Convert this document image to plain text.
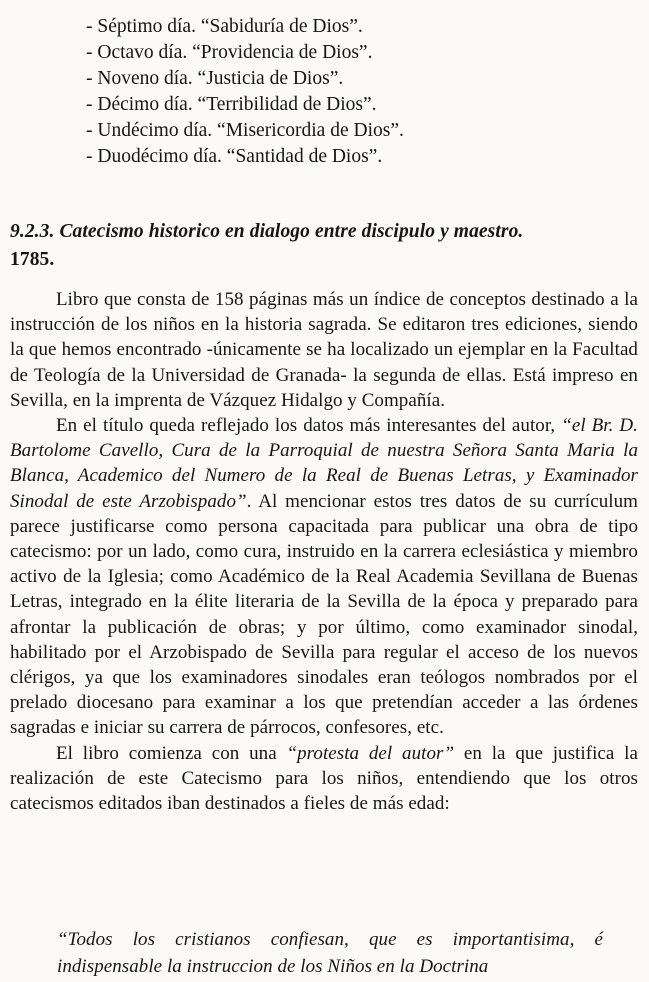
- Séptimo día. “Sabiduría de Dios”.
- Octavo día. “Providencia de Dios”.
- Noveno día. “Justicia de Dios”.
- Décimo día. “Terribilidad de Dios”.
- Undécimo día. “Misericordia de Dios”.
- Duodécimo día. “Santidad de Dios”.
9.2.3. Catecismo historico en dialogo entre discipulo y maestro.
1785.

Libro que consta de 158 páginas más un índice de conceptos destinado a la instrucción de los niños en la historia sagrada. Se editaron tres ediciones, siendo la que hemos encontrado -únicamente se ha localizado un ejemplar en la Facultad de Teología de la Universidad de Granada- la segunda de ellas. Está impreso en Sevilla, en la imprenta de Vázquez Hidalgo y Compañía.

En el título queda reflejado los datos más interesantes del autor, “el Br. D. Bartolome Cavello, Cura de la Parroquial de nuestra Señora Santa Maria la Blanca, Academico del Numero de la Real de Buenas Letras, y Examinador Sinodal de este Arzobispado”. Al mencionar estos tres datos de su currículum parece justificarse como persona capacitada para publicar una obra de tipo catecismo: por un lado, como cura, instruido en la carrera eclesiástica y miembro activo de la Iglesia; como Académico de la Real Academia Sevillana de Buenas Letras, integrado en la élite literaria de la Sevilla de la época y preparado para afrontar la publicación de obras; y por último, como examinador sinodal, habilitado por el Arzobispado de Sevilla para regular el acceso de los nuevos clérigos, ya que los examinadores sinodales eran teólogos nombrados por el prelado diocesano para examinar a los que pretendían acceder a las órdenes sagradas e iniciar su carrera de párrocos, confesores, etc.

El libro comienza con una “protesta del autor” en la que justifica la realización de este Catecismo para los niños, entendiendo que los otros catecismos editados iban destinados a fieles de más edad:

“Todos los cristianos confiesan, que es importantisima, é indispensable la instruccion de los Niños en la Doctrina
